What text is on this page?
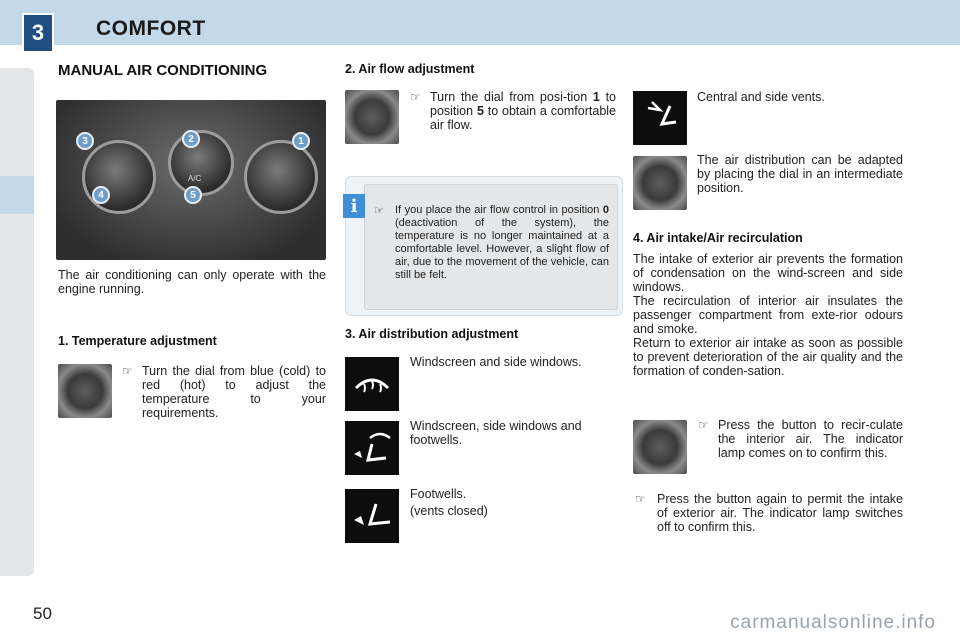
3	COMFORT
MANUAL AIR CONDITIONING
A/C
3	2	1
4	5
The air conditioning can only operate with the engine running.
1. Temperature adjustment
☞ Turn the dial from blue (cold) to red (hot) to adjust the temperature to your requirements.
2. Air flow adjustment
☞ Turn the dial from posi-tion 1 to position 5 to obtain a comfortable air flow.
i	☞ If you place the air flow control in position 0 (deactivation of the system), the temperature is no longer maintained at a comfortable level. However, a slight flow of air, due to the movement of the vehicle, can still be felt.
3. Air distribution adjustment
Windscreen and side windows.
Windscreen, side windows and footwells.
Footwells.
(vents closed)
Central and side vents.
The air distribution can be adapted by placing the dial in an intermediate position.
4. Air intake/Air recirculation
The intake of exterior air prevents the formation of condensation on the wind-screen and side windows.
The recirculation of interior air insulates the passenger compartment from exte-rior odours and smoke.
Return to exterior air intake as soon as possible to prevent deterioration of the air quality and the formation of conden-sation.
☞ Press the button to recir-culate the interior air. The indicator lamp comes on to confirm this.
☞ Press the button again to permit the intake of exterior air. The indicator lamp switches off to confirm this.
50	carmanualsonline.info
